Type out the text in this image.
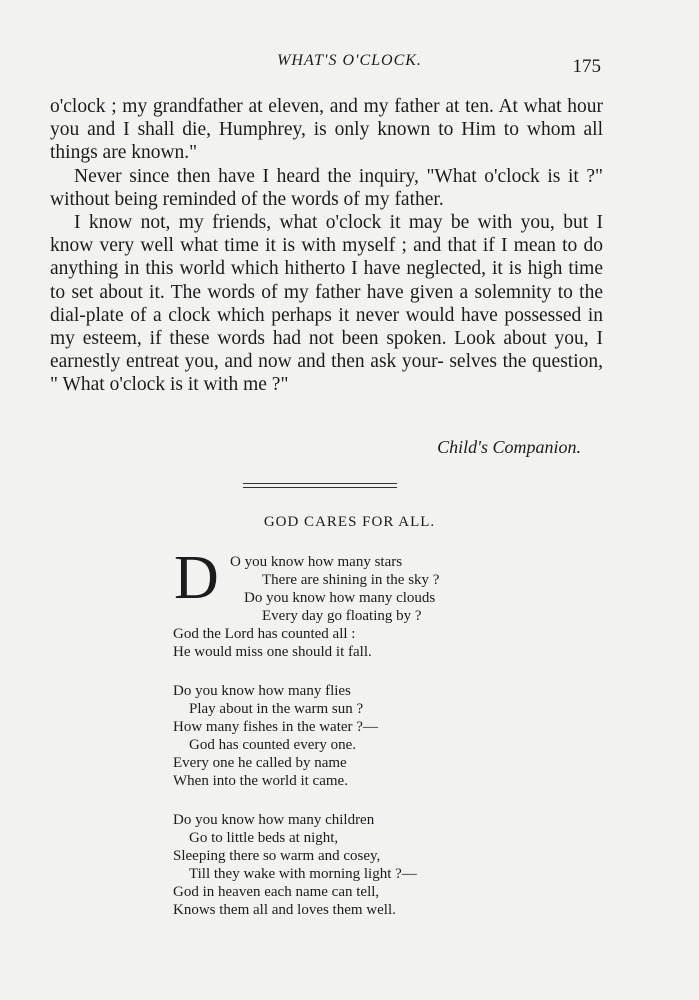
WHAT'S O'CLOCK.	175

o'clock ; my grandfather at eleven, and my father at ten. At what hour you and I shall die, Humphrey, is only known to Him to whom all things are known."

Never since then have I heard the inquiry, "What o'clock is it ?" without being reminded of the words of my father.

I know not, my friends, what o'clock it may be with you, but I know very well what time it is with myself ; and that if I mean to do anything in this world which hitherto I have neglected, it is high time to set about it. The words of my father have given a solemnity to the dial-plate of a clock which perhaps it never would have possessed in my esteem, if these words had not been spoken. Look about you, I earnestly entreat you, and now and then ask your- selves the question, " What o'clock is it with me ?"

Child's Companion.
GOD CARES FOR ALL.
D O you know how many stars
There are shining in the sky ?
Do you know how many clouds
Every day go floating by ?
God the Lord has counted all :
He would miss one should it fall.
Do you know how many flies
Play about in the warm sun ?
How many fishes in the water ?—
God has counted every one.
Every one he called by name
When into the world it came.
Do you know how many children
Go to little beds at night,
Sleeping there so warm and cosey,
Till they wake with morning light ?—
God in heaven each name can tell,
Knows them all and loves them well.
